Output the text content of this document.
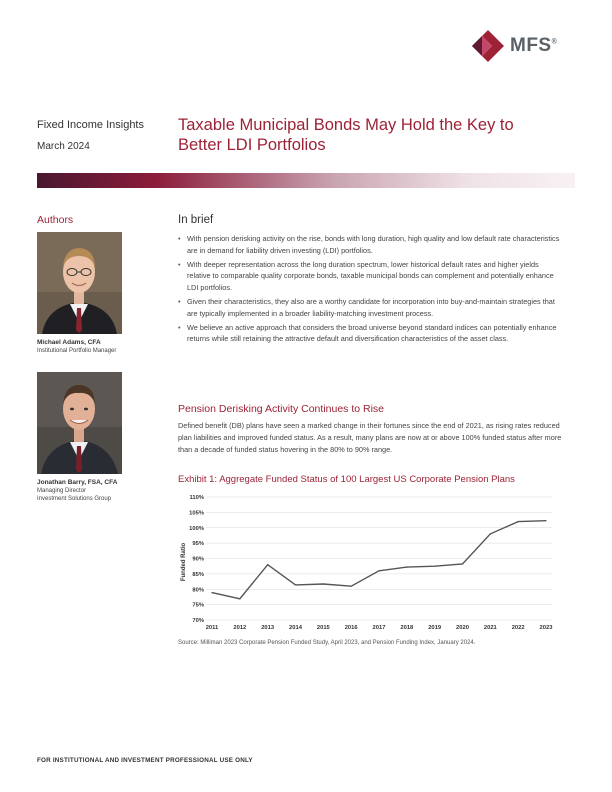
MFS®
Fixed Income Insights
March 2024
Taxable Municipal Bonds May Hold the Key to Better LDI Portfolios
Authors
Michael Adams, CFA
Institutional Portfolio Manager
Jonathan Barry, FSA, CFA
Managing Director
Investment Solutions Group
In brief
• With pension derisking activity on the rise, bonds with long duration, high quality and low default rate characteristics are in demand for liability driven investing (LDI) portfolios.
• With deeper representation across the long duration spectrum, lower historical default rates and higher yields relative to comparable quality corporate bonds, taxable municipal bonds can complement and potentially enhance LDI portfolios.
• Given their characteristics, they also are a worthy candidate for incorporation into buy-and-maintain strategies that are typically implemented in a broader liability-matching investment process.
• We believe an active approach that considers the broad universe beyond standard indices can potentially enhance returns while still retaining the attractive default and diversification characteristics of the asset class.
Pension Derisking Activity Continues to Rise
Defined benefit (DB) plans have seen a marked change in their fortunes since the end of 2021, as rising rates reduced plan liabilities and improved funded status. As a result, many plans are now at or above 100% funded status after more than a decade of funded status hovering in the 80% to 90% range.
Exhibit 1: Aggregate Funded Status of 100 Largest US Corporate Pension Plans
110%
105%
100%
95%
90%
85%
80%
75%
70%
2011	2012	2013	2014	2015	2016	2017	2018	2019	2020	2021	2022	2023
Funded Ratio
Source: Milliman 2023 Corporate Pension Funded Study, April 2023, and Pension Funding Index, January 2024.
FOR INSTITUTIONAL AND INVESTMENT PROFESSIONAL USE ONLY
